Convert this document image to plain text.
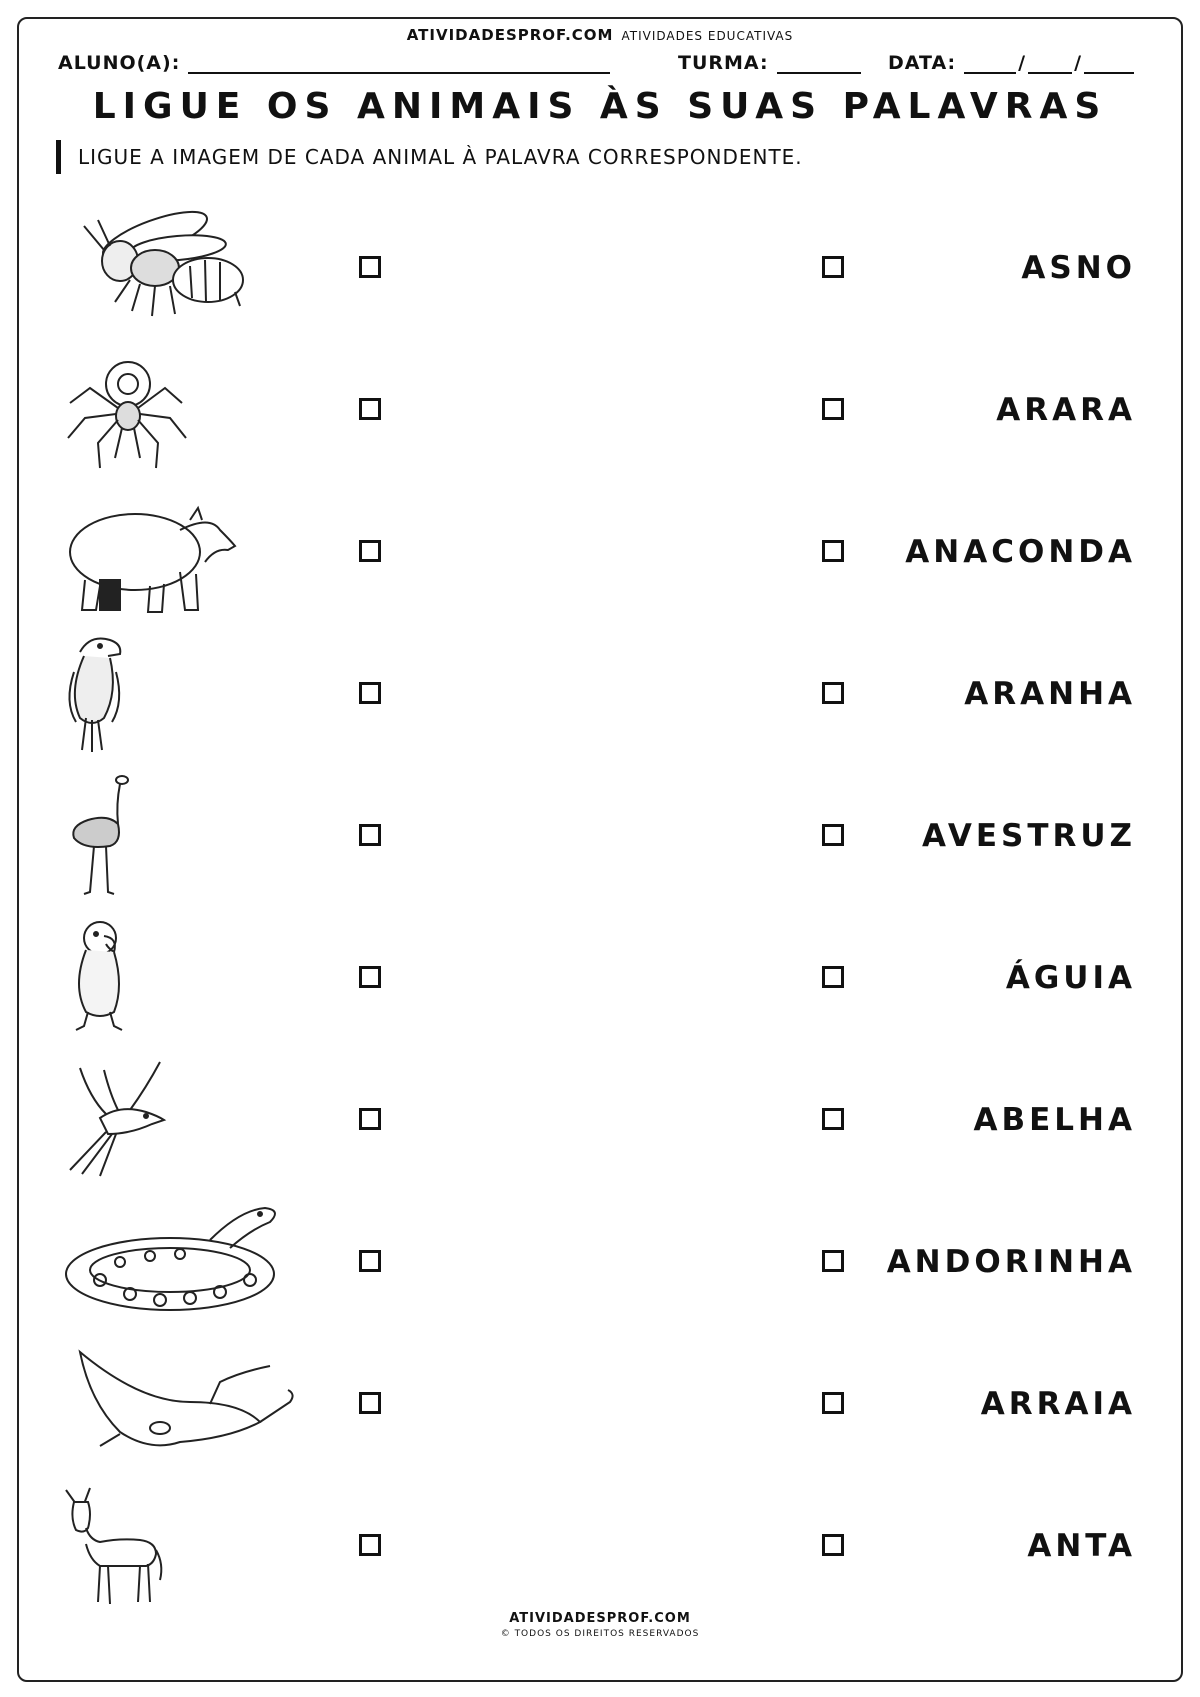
ATIVIDADESPROF.COM ATIVIDADES EDUCATIVAS
ALUNO(A):	TURMA:	DATA:	/	/
LIGUE OS ANIMAIS ÀS SUAS PALAVRAS
LIGUE A IMAGEM DE CADA ANIMAL À PALAVRA CORRESPONDENTE.
ASNO
ARARA
ANACONDA
ARANHA
AVESTRUZ
ÁGUIA
ABELHA
ANDORINHA
ARRAIA
ANTA
ATIVIDADESPROF.COM
© TODOS OS DIREITOS RESERVADOS
